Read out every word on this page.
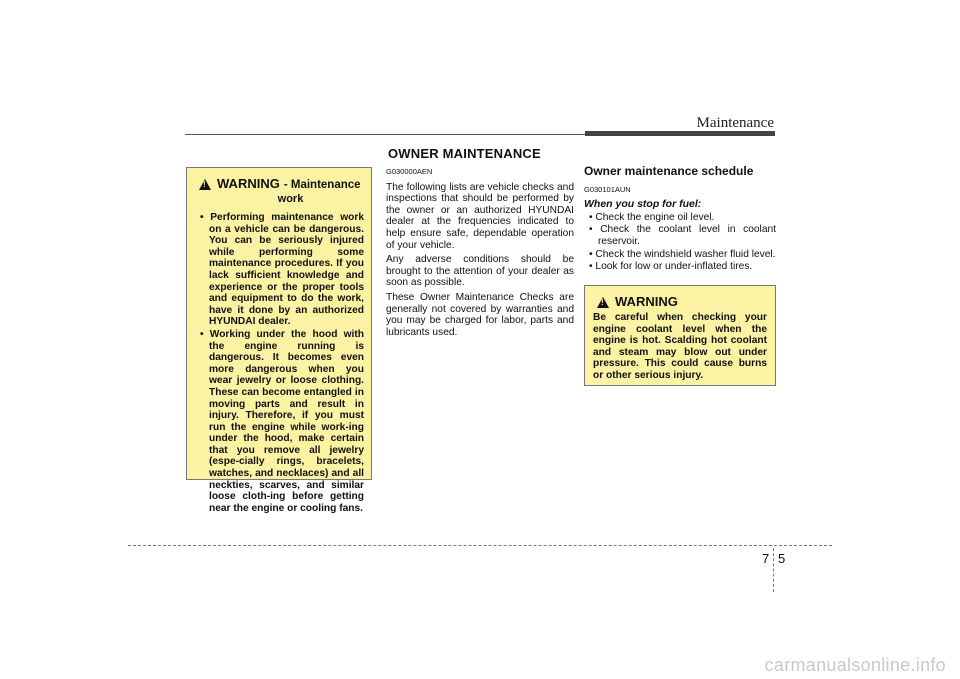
Maintenance
!
WARNING - Maintenance
work
• Performing maintenance work on a vehicle can be dangerous. You can be seriously injured while performing some maintenance procedures. If you lack sufficient knowledge and experience or the proper tools and equipment to do the work, have it done by an authorized HYUNDAI dealer.
• Working under the hood with the engine running is dangerous. It becomes even more dangerous when you wear jewelry or loose clothing. These can become entangled in moving parts and result in injury. Therefore, if you must run the engine while work-ing under the hood, make certain that you remove all jewelry (espe-cially rings, bracelets, watches, and necklaces) and all neckties, scarves, and similar loose cloth-ing before getting near the engine or cooling fans.
OWNER MAINTENANCE
G030000AEN

The following lists are vehicle checks and inspections that should be performed by the owner or an authorized HYUNDAI dealer at the frequencies indicated to help ensure safe, dependable operation of your vehicle.

Any adverse conditions should be brought to the attention of your dealer as soon as possible.

These Owner Maintenance Checks are generally not covered by warranties and you may be charged for labor, parts and lubricants used.

Owner maintenance schedule
G030101AUN
When you stop for fuel:
• Check the engine oil level.
• Check the coolant level in coolant reservoir.
• Check the windshield washer fluid level.
• Look for low or under-inflated tires.
!
WARNING
Be careful when checking your engine coolant level when the engine is hot. Scalding hot coolant and steam may blow out under pressure. This could cause burns or other serious injury.
7 5
carmanualsonline.info
